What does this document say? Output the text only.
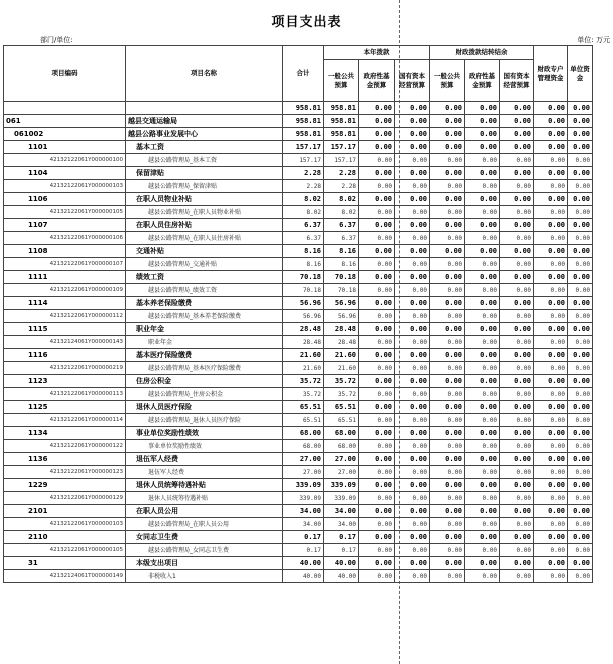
项目支出表
部门/单位:	单位: 万元
项目编码	项目名称	合计	本年拨款			财政拨款结转结余			财政专户管理资金	单位资金
			一般公共预算	政府性基金预算	国有资本经营预算	一般公共预算	政府性基金预算	国有资本经营预算		
		958.81	958.81	0.00	0.00	0.00	0.00	0.00	0.00	0.00
061	越县交通运输局	958.81	958.81	0.00	0.00	0.00	0.00	0.00	0.00	0.00
061002	越县公路事业发展中心	958.81	958.81	0.00	0.00	0.00	0.00	0.00	0.00	0.00
1101	基本工资	157.17	157.17	0.00	0.00	0.00	0.00	0.00	0.00	0.00
42132122061Y000000100	越县公路管理局_基本工资	157.17	157.17	0.00	0.00	0.00	0.00	0.00	0.00	0.00
1104	保留津贴	2.28	2.28	0.00	0.00	0.00	0.00	0.00	0.00	0.00
42132122061Y000000103	越县公路管理局_保留津贴	2.28	2.28	0.00	0.00	0.00	0.00	0.00	0.00	0.00
1106	在职人员物业补贴	8.02	8.02	0.00	0.00	0.00	0.00	0.00	0.00	0.00
42132122061Y000000105	越县公路管理局_在职人员物业补贴	8.02	8.02	0.00	0.00	0.00	0.00	0.00	0.00	0.00
1107	在职人员住房补贴	6.37	6.37	0.00	0.00	0.00	0.00	0.00	0.00	0.00
42132122061Y000000106	越县公路管理局_在职人员住房补贴	6.37	6.37	0.00	0.00	0.00	0.00	0.00	0.00	0.00
1108	交通补贴	8.16	8.16	0.00	0.00	0.00	0.00	0.00	0.00	0.00
42132122061Y000000107	越县公路管理局_交通补贴	8.16	8.16	0.00	0.00	0.00	0.00	0.00	0.00	0.00
1111	绩效工资	70.18	70.18	0.00	0.00	0.00	0.00	0.00	0.00	0.00
42132122061Y000000109	越县公路管理局_绩效工资	70.18	70.18	0.00	0.00	0.00	0.00	0.00	0.00	0.00
1114	基本养老保险缴费	56.96	56.96	0.00	0.00	0.00	0.00	0.00	0.00	0.00
42132122061Y000000112	越县公路管理局_基本养老保险缴费	56.96	56.96	0.00	0.00	0.00	0.00	0.00	0.00	0.00
1115	职业年金	28.48	28.48	0.00	0.00	0.00	0.00	0.00	0.00	0.00
42132124061Y000000143	职业年金	28.48	28.48	0.00	0.00	0.00	0.00	0.00	0.00	0.00
1116	基本医疗保险缴费	21.60	21.60	0.00	0.00	0.00	0.00	0.00	0.00	0.00
42132122061Y000000219	越县公路管理局_基本医疗保险缴费	21.60	21.60	0.00	0.00	0.00	0.00	0.00	0.00	0.00
1123	住房公积金	35.72	35.72	0.00	0.00	0.00	0.00	0.00	0.00	0.00
42132122061Y000000113	越县公路管理局_住房公积金	35.72	35.72	0.00	0.00	0.00	0.00	0.00	0.00	0.00
1125	退休人员医疗保险	65.51	65.51	0.00	0.00	0.00	0.00	0.00	0.00	0.00
42132122061Y000000114	越县公路管理局_退休人员医疗保险	65.51	65.51	0.00	0.00	0.00	0.00	0.00	0.00	0.00
1134	事业单位奖励性绩效	68.00	68.00	0.00	0.00	0.00	0.00	0.00	0.00	0.00
42132122061Y000000122	事业单位奖励性绩效	68.00	68.00	0.00	0.00	0.00	0.00	0.00	0.00	0.00
1136	退伍军人经费	27.00	27.00	0.00	0.00	0.00	0.00	0.00	0.00	0.00
42132122061Y000000123	退伍军人经费	27.00	27.00	0.00	0.00	0.00	0.00	0.00	0.00	0.00
1229	退休人员统筹待遇补贴	339.09	339.09	0.00	0.00	0.00	0.00	0.00	0.00	0.00
42132122061Y000000129	退休人员统筹待遇补贴	339.09	339.09	0.00	0.00	0.00	0.00	0.00	0.00	0.00
2101	在职人员公用	34.00	34.00	0.00	0.00	0.00	0.00	0.00	0.00	0.00
42132122061Y000000103	越县公路管理局_在职人员公用	34.00	34.00	0.00	0.00	0.00	0.00	0.00	0.00	0.00
2110	女同志卫生费	0.17	0.17	0.00	0.00	0.00	0.00	0.00	0.00	0.00
42132122061Y000000105	越县公路管理局_女同志卫生费	0.17	0.17	0.00	0.00	0.00	0.00	0.00	0.00	0.00
31	本级支出项目	40.00	40.00	0.00	0.00	0.00	0.00	0.00	0.00	0.00
42132124061T000000149	非税收入1	40.00	40.00	0.00	0.00	0.00	0.00	0.00	0.00	0.00
